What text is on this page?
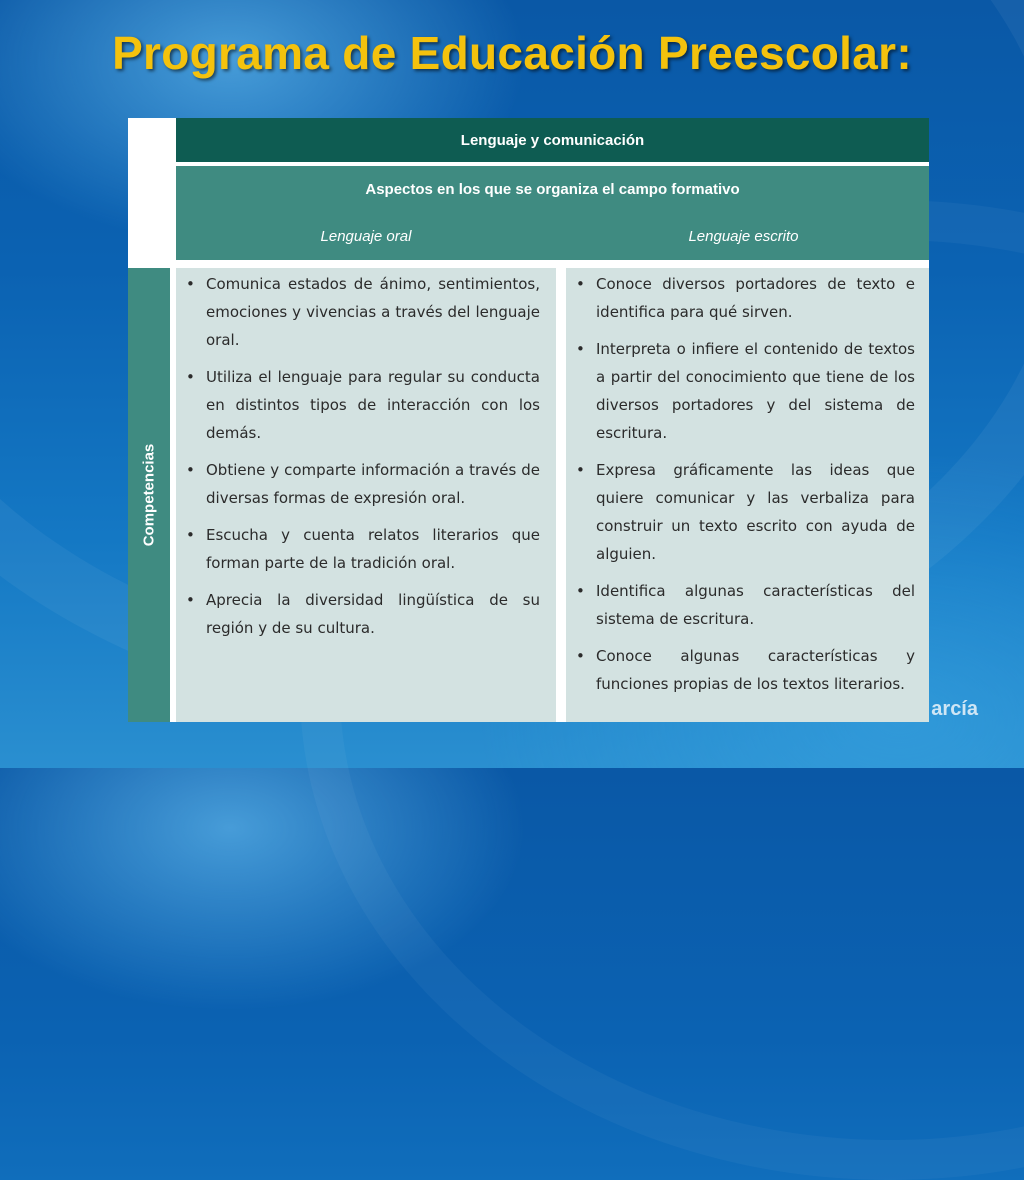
Programa de Educación Preescolar:
arcía
Lenguaje y comunicación
Aspectos en los que se organiza el campo formativo
Lenguaje oral	Lenguaje escrito
Competencias
• Comunica estados de ánimo, sentimientos, emociones y vivencias a través del lenguaje oral.
• Utiliza el lenguaje para regular su conducta en distintos tipos de interacción con los demás.
• Obtiene y comparte información a través de diversas formas de expresión oral.
• Escucha y cuenta relatos literarios que forman parte de la tradición oral.
• Aprecia la diversidad lingüística de su región y de su cultura.
• Conoce diversos portadores de texto e identifica para qué sirven.
• Interpreta o infiere el contenido de textos a partir del conocimiento que tiene de los diversos portadores y del sistema de escritura.
• Expresa gráficamente las ideas que quiere comunicar y las verbaliza para construir un texto escrito con ayuda de alguien.
• Identifica algunas características del sistema de escritura.
• Conoce algunas características y funciones propias de los textos literarios.
